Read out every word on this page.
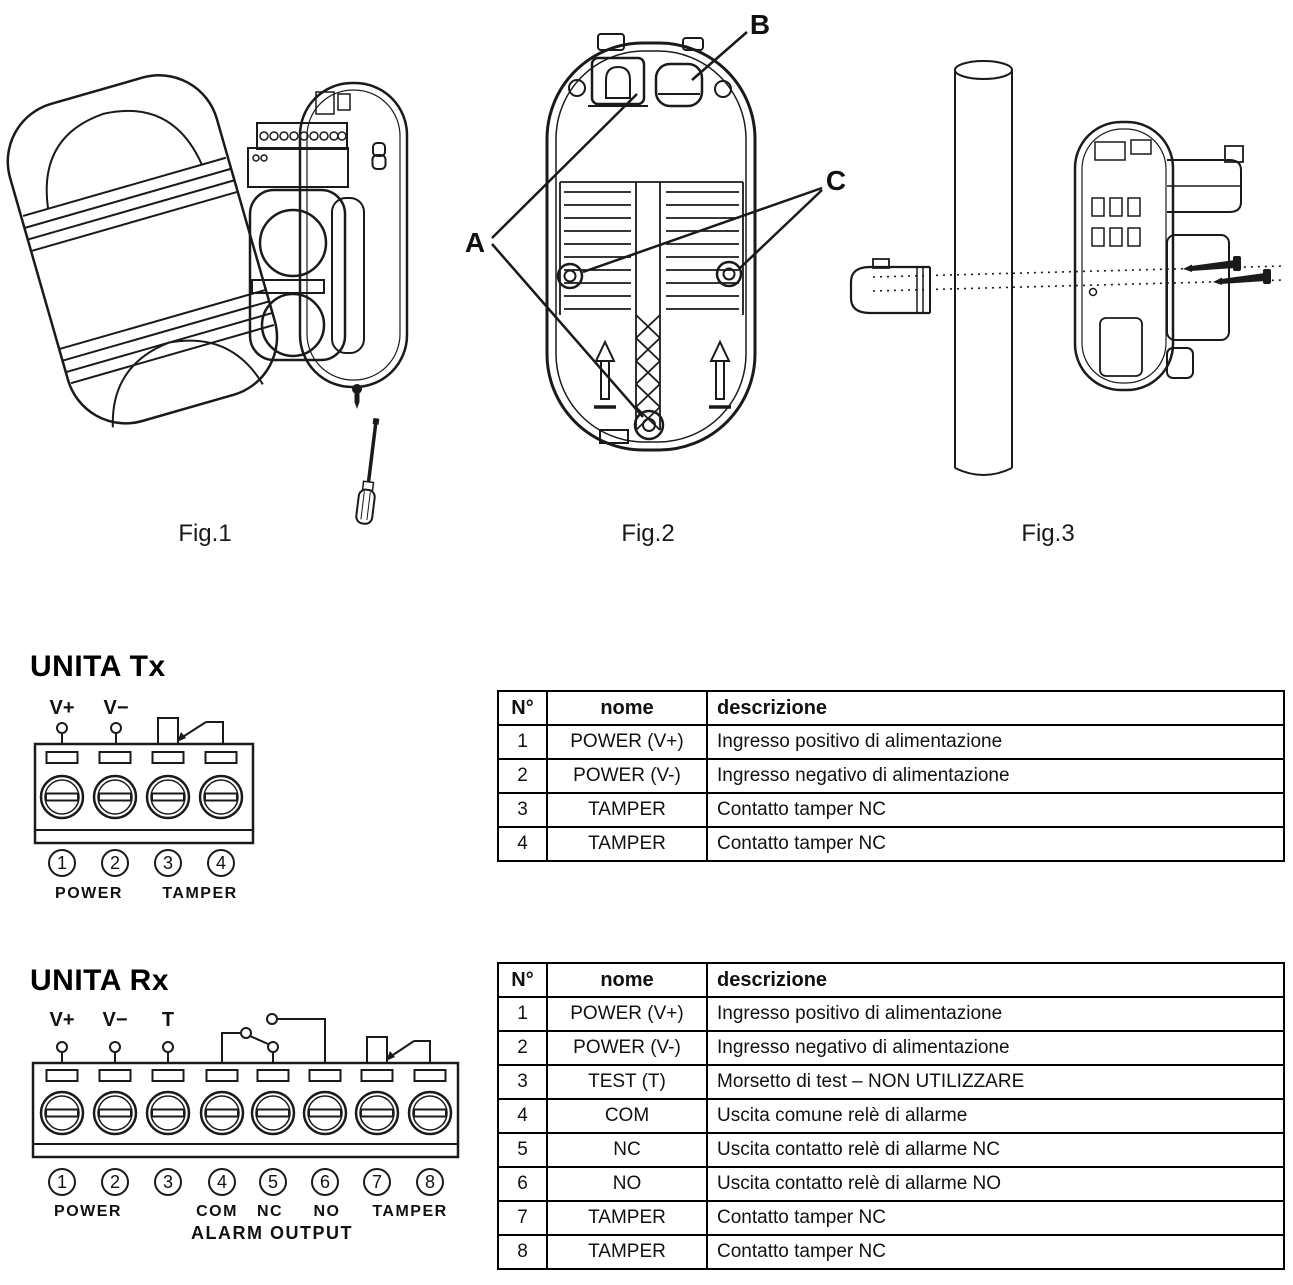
A
B
C
Fig.1	Fig.2	Fig.3
UNITA Tx
V+ V−
1 2 3 4
POWER TAMPER
N°	nome	descrizione
1	POWER (V+)	Ingresso positivo di alimentazione
2	POWER (V-)	Ingresso negativo di alimentazione
3	TAMPER	Contatto tamper NC
4	TAMPER	Contatto tamper NC
UNITA Rx
V+ V− T
1 2 3 4 5 6 7 8
POWER	COM NC NO TAMPER
ALARM OUTPUT
N°	nome	descrizione
1	POWER (V+)	Ingresso positivo di alimentazione
2	POWER (V-)	Ingresso negativo di alimentazione
3	TEST (T)	Morsetto di test – NON UTILIZZARE
4	COM	Uscita comune relè di allarme
5	NC	Uscita contatto relè di allarme NC
6	NO	Uscita contatto relè di allarme NO
7	TAMPER	Contatto tamper NC
8	TAMPER	Contatto tamper NC
